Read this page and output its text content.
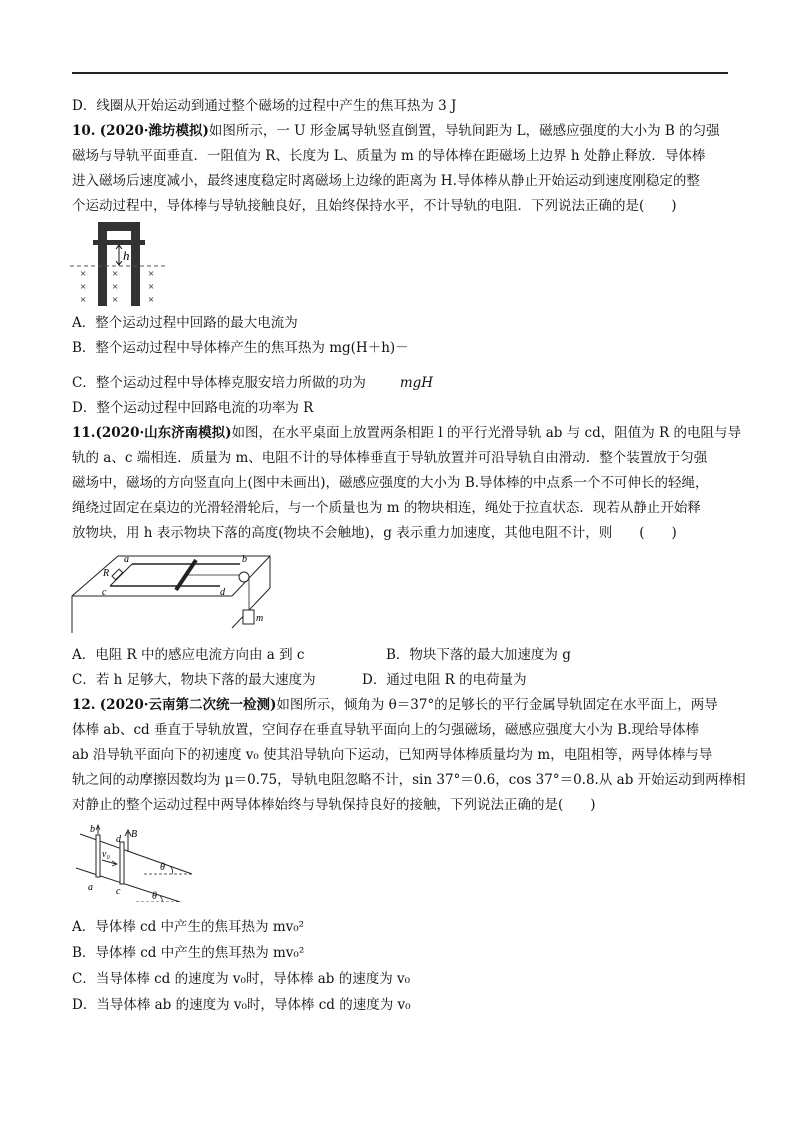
D．线圈从开始运动到通过整个磁场的过程中产生的焦耳热为 3 J
10. (2020·潍坊模拟)如图所示，一 U 形金属导轨竖直倒置，导轨间距为 L，磁感应强度的大小为 B 的匀强
磁场与导轨平面垂直．一阻值为 R、长度为 L、质量为 m 的导体棒在距磁场上边界 h 处静止释放．导体棒
进入磁场后速度减小，最终速度稳定时离磁场上边缘的距离为 H.导体棒从静止开始运动到速度刚稳定的整
个运动过程中，导体棒与导轨接触良好，且始终保持水平，不计导轨的电阻．下列说法正确的是(　　)
h
×
×
×
×
×
×
×
×
×
A．整个运动过程中回路的最大电流为
B．整个运动过程中导体棒产生的焦耳热为 mg(H＋h)－
C．整个运动过程中导体棒克服安培力所做的功为	mgH
D．整个运动过程中回路电流的功率为 R
11.(2020·山东济南模拟)如图，在水平桌面上放置两条相距 l 的平行光滑导轨 ab 与 cd，阻值为 R 的电阻与导
轨的 a、c 端相连．质量为 m、电阻不计的导体棒垂直于导轨放置并可沿导轨自由滑动．整个装置放于匀强
磁场中，磁场的方向竖直向上(图中未画出)，磁感应强度的大小为 B.导体棒的中点系一个不可伸长的轻绳，
绳绕过固定在桌边的光滑轻滑轮后，与一个质量也为 m 的物块相连，绳处于拉直状态．现若从静止开始释
放物块，用 h 表示物块下落的高度(物块不会触地)，g 表示重力加速度，其他电阻不计，则　　(　　)
R
a	b
c	d
m
A．电阻 R 中的感应电流方向由 a 到 c	B．物块下落的最大加速度为 g
C．若 h 足够大，物块下落的最大速度为	D．通过电阻 R 的电荷量为
12. (2020·云南第二次统一检测)如图所示，倾角为 θ＝37°的足够长的平行金属导轨固定在水平面上，两导
体棒 ab、cd 垂直于导轨放置，空间存在垂直导轨平面向上的匀强磁场，磁感应强度大小为 B.现给导体棒
ab 沿导轨平面向下的初速度 v₀ 使其沿导轨向下运动，已知两导体棒质量均为 m，电阻相等，两导体棒与导
轨之间的动摩擦因数均为 μ＝0.75，导轨电阻忽略不计，sin 37°＝0.6，cos 37°＝0.8.从 ab 开始运动到两棒相
对静止的整个运动过程中两导体棒始终与导轨保持良好的接触，下列说法正确的是(　　)
b	B
d
v₀
θ
θ
a c
A．导体棒 cd 中产生的焦耳热为 mv₀²
B．导体棒 cd 中产生的焦耳热为 mv₀²
C．当导体棒 cd 的速度为 v₀时，导体棒 ab 的速度为 v₀
D．当导体棒 ab 的速度为 v₀时，导体棒 cd 的速度为 v₀
